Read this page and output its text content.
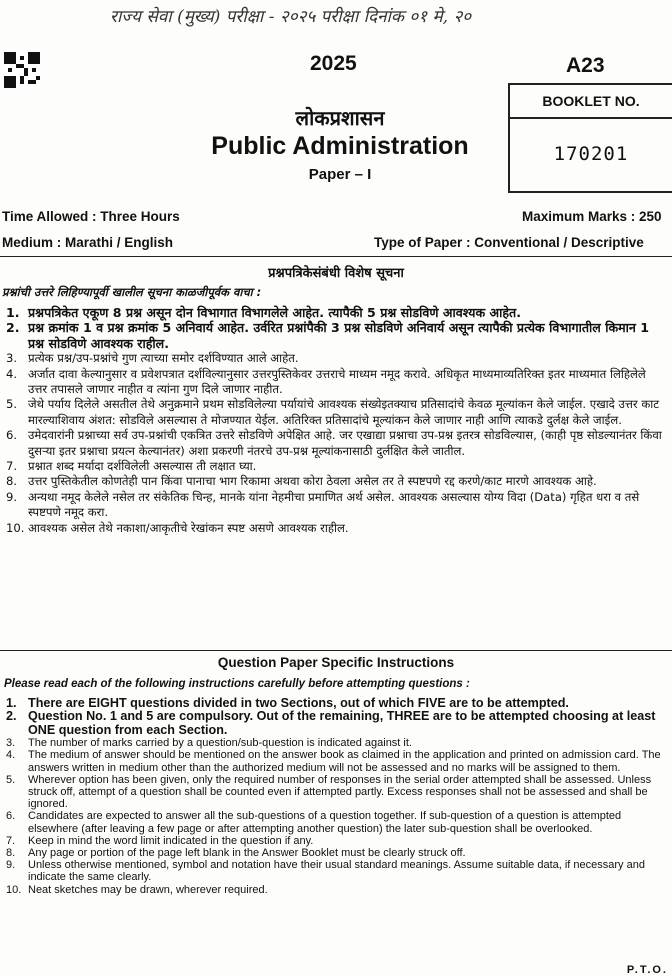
राज्य सेवा (मुख्य) परीक्षा - २०२५ परीक्षा दिनांक ०१ मे, २०
2025	A23
BOOKLET NO.
170201
लोकप्रशासन
Public Administration
Paper – I
Time Allowed : Three Hours	Maximum Marks : 250
Medium : Marathi / English	Type of Paper : Conventional / Descriptive
प्रश्नपत्रिकेसंबंधी विशेष सूचना
प्रश्नांची उत्तरे लिहिण्यापूर्वी खालील सूचना काळजीपूर्वक वाचा :
1. प्रश्नपत्रिकेत एकूण 8 प्रश्न असून दोन विभागात विभागलेले आहेत. त्यापैकी 5 प्रश्न सोडविणे आवश्यक आहेत.
2. प्रश्न क्रमांक 1 व प्रश्न क्रमांक 5 अनिवार्य आहेत. उर्वरित प्रश्नांपैकी 3 प्रश्न सोडविणे अनिवार्य असून त्यापैकी प्रत्येक विभागातील किमान 1 प्रश्न सोडविणे आवश्यक राहील.
3. प्रत्येक प्रश्न/उप-प्रश्नांचे गुण त्याच्या समोर दर्शविण्यात आले आहेत.
4. अर्जात दावा केल्यानुसार व प्रवेशपत्रात दर्शविल्यानुसार उत्तरपुस्तिकेवर उत्तराचे माध्यम नमूद करावे. अधिकृत माध्यमाव्यतिरिक्त इतर माध्यमात लिहिलेले उत्तर तपासले जाणार नाहीत व त्यांना गुण दिले जाणार नाहीत.
5. जेथे पर्याय दिलेले असतील तेथे अनुक्रमाने प्रथम सोडविलेल्या पर्यायांचे आवश्यक संख्येइतक्याच प्रतिसादांचे केवळ मूल्यांकन केले जाईल. एखादे उत्तर काट मारल्याशिवाय अंशत: सोडविले असल्यास ते मोजण्यात येईल. अतिरिक्त प्रतिसादांचे मूल्यांकन केले जाणार नाही आणि त्याकडे दुर्लक्ष केले जाईल.
6. उमेदवारांनी प्रश्नाच्या सर्व उप-प्रश्नांची एकत्रित उत्तरे सोडविणे अपेक्षित आहे. जर एखाद्या प्रश्नाचा उप-प्रश्न इतरत्र सोडविल्यास, (काही पृष्ठ सोडल्यानंतर किंवा दुसऱ्या इतर प्रश्नाचा प्रयत्न केल्यानंतर) अशा प्रकरणी नंतरचे उप-प्रश्न मूल्यांकनासाठी दुर्लक्षित केले जातील.
7. प्रश्नात शब्द मर्यादा दर्शविलेली असल्यास ती लक्षात घ्या.
8. उत्तर पुस्तिकेतील कोणतेही पान किंवा पानाचा भाग रिकामा अथवा कोरा ठेवला असेल तर ते स्पष्टपणे रद्द करणे/काट मारणे आवश्यक आहे.
9. अन्यथा नमूद केलेले नसेल तर संकेतिक चिन्ह, मानके यांना नेहमीचा प्रमाणित अर्थ असेल. आवश्यक असल्यास योग्य विदा (Data) गृहित धरा व तसे स्पष्टपणे नमूद करा.
10. आवश्यक असेल तेथे नकाशा/आकृतीचे रेखांकन स्पष्ट असणे आवश्यक राहील.
Question Paper Specific Instructions
Please read each of the following instructions carefully before attempting questions :
1. There are EIGHT questions divided in two Sections, out of which FIVE are to be attempted.
2. Question No. 1 and 5 are compulsory. Out of the remaining, THREE are to be attempted choosing at least ONE question from each Section.
3. The number of marks carried by a question/sub-question is indicated against it.
4. The medium of answer should be mentioned on the answer book as claimed in the application and printed on admission card. The answers written in medium other than the authorized medium will not be assessed and no marks will be assigned to them.
5. Wherever option has been given, only the required number of responses in the serial order attempted shall be assessed. Unless struck off, attempt of a question shall be counted even if attempted partly. Excess responses shall not be assessed and shall be ignored.
6. Candidates are expected to answer all the sub-questions of a question together. If sub-question of a question is attempted elsewhere (after leaving a few page or after attempting another question) the later sub-question shall be overlooked.
7. Keep in mind the word limit indicated in the question if any.
8. Any page or portion of the page left blank in the Answer Booklet must be clearly struck off.
9. Unless otherwise mentioned, symbol and notation have their usual standard meanings. Assume suitable data, if necessary and indicate the same clearly.
10. Neat sketches may be drawn, wherever required.
P.T.O.
